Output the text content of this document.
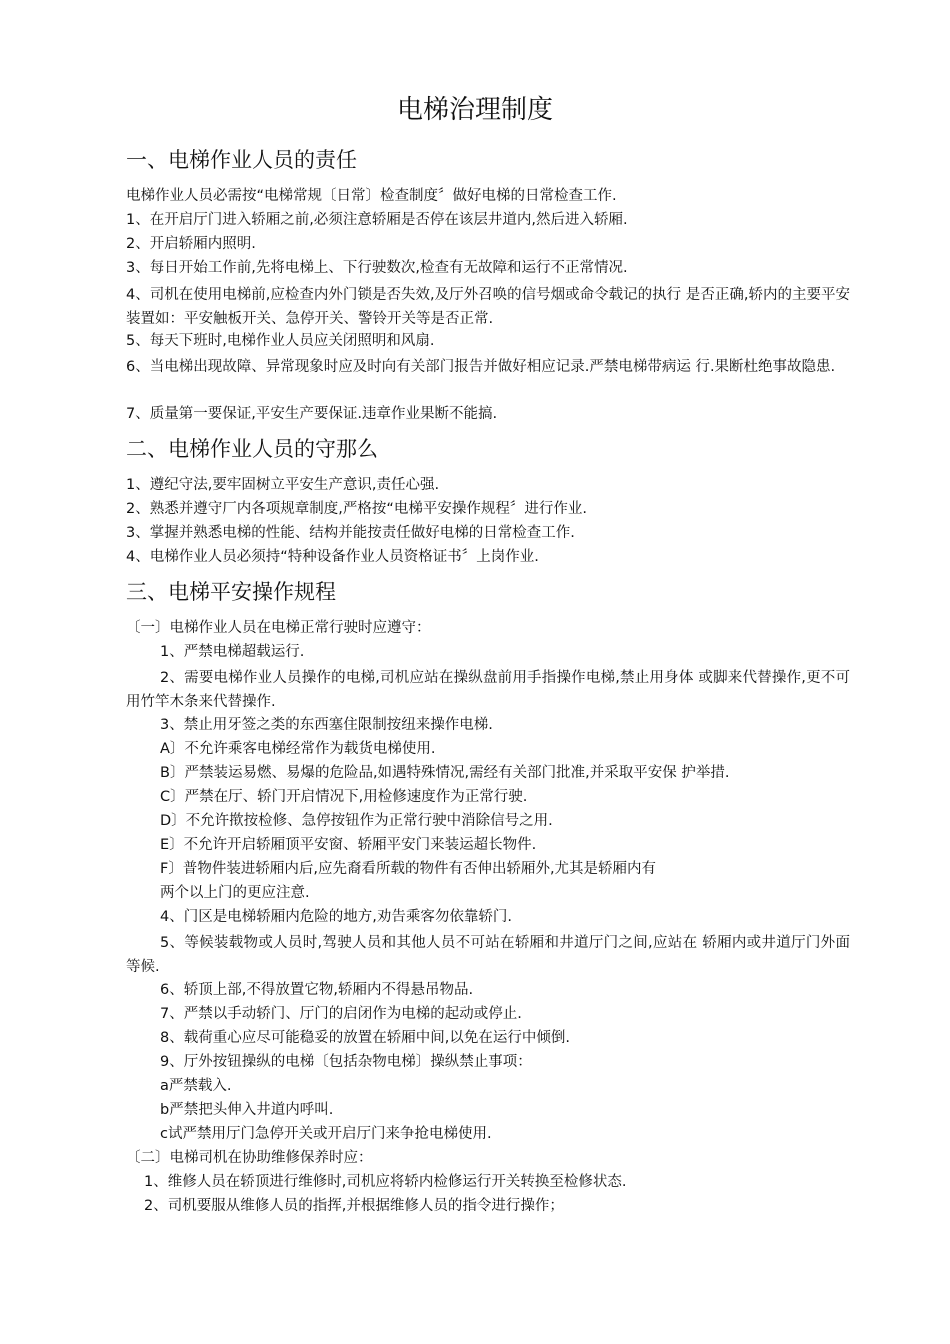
电梯治理制度
一、电梯作业人员的责任

电梯作业人员必需按“电梯常规〔日常〕检查制度〞做好电梯的日常检查工作.

1、在开启厅门进入轿厢之前,必须注意轿厢是否停在该层井道内,然后进入轿厢.

2、开启轿厢内照明.

3、每日开始工作前,先将电梯上、下行驶数次,检查有无故障和运行不正常情况.

4、司机在使用电梯前,应检查内外门锁是否失效,及厅外召唤的信号烟或命令载记的执行 是否正确,轿内的主要平安装置如：平安触板开关、急停开关、警铃开关等是否正常.

5、每天下班时,电梯作业人员应关闭照明和风扇.

6、当电梯出现故障、异常现象时应及时向有关部门报告并做好相应记录.严禁电梯带病运 行.果断杜绝事故隐患.

7、质量第一要保证,平安生产要保证.违章作业果断不能搞.

二、电梯作业人员的守那么

1、遵纪守法,要牢固树立平安生产意识,责任心强.

2、熟悉并遵守厂内各项规章制度,严格按“电梯平安操作规程〞进行作业.

3、掌握并熟悉电梯的性能、结构并能按责任做好电梯的日常检查工作.

4、电梯作业人员必须持“特种设备作业人员资格证书〞上岗作业.

三、电梯平安操作规程

〔一〕电梯作业人员在电梯正常行驶时应遵守：

1、严禁电梯超载运行.

2、需要电梯作业人员操作的电梯,司机应站在操纵盘前用手指操作电梯,禁止用身体 或脚来代替操作,更不可用竹竿木条来代替操作.

3、禁止用牙签之类的东西塞住限制按纽来操作电梯.

A〕不允许乘客电梯经常作为载货电梯使用.

B〕严禁装运易燃、易爆的危险品,如遇特殊情况,需经有关部门批准,并采取平安保 护举措.

C〕严禁在厅、轿门开启情况下,用检修速度作为正常行驶.

D〕不允许揿按检修、急停按钮作为正常行驶中消除信号之用.

E〕不允许开启轿厢顶平安窗、轿厢平安门来装运超长物件.

F〕普物件装进轿厢内后,应先裔看所载的物件有否伸出轿厢外,尤其是轿厢内有

两个以上门的更应注意.

4、门区是电梯轿厢内危险的地方,劝告乘客勿依靠轿门.

5、等候装载物或人员时,驾驶人员和其他人员不可站在轿厢和井道厅门之间,应站在 轿厢内或井道厅门外面等候.

6、轿顶上部,不得放置它物,轿厢内不得悬吊物品.

7、严禁以手动轿门、厅门的启闭作为电梯的起动或停止.

8、载荷重心应尽可能稳妥的放置在轿厢中间,以免在运行中倾倒.

9、厅外按钮操纵的电梯〔包括杂物电梯〕操纵禁止事项：

a严禁载入.

b严禁把头伸入井道内呼叫.

c试严禁用厅门急停开关或开启厅门来争抢电梯使用.

〔二〕电梯司机在协助维修保养时应：

1、维修人员在轿顶进行维修时,司机应将轿内检修运行开关转换至检修状态.

2、司机要服从维修人员的指挥,并根据维修人员的指令进行操作；
